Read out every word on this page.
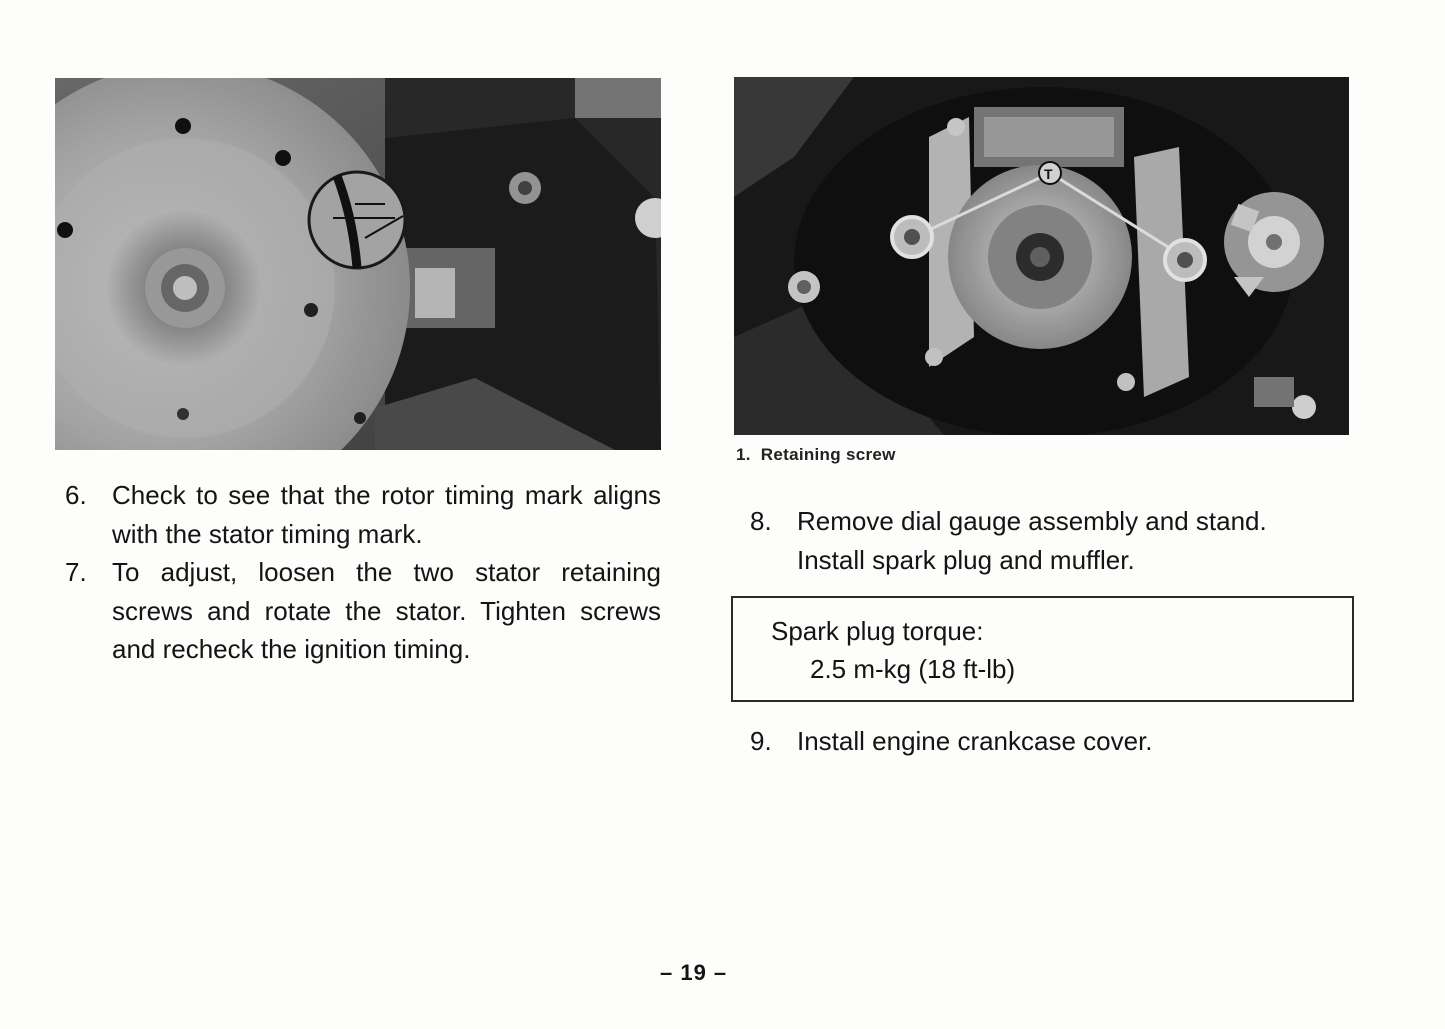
T
1. Retaining screw
6. Check to see that the rotor timing mark aligns with the stator timing mark.
7. To adjust, loosen the two stator retaining screws and rotate the stator. Tighten screws and recheck the ignition timing.
8. Remove dial gauge assembly and stand.
Install spark plug and muffler.
Spark plug torque:
2.5 m-kg (18 ft-lb)
9. Install engine crankcase cover.
– 19 –
